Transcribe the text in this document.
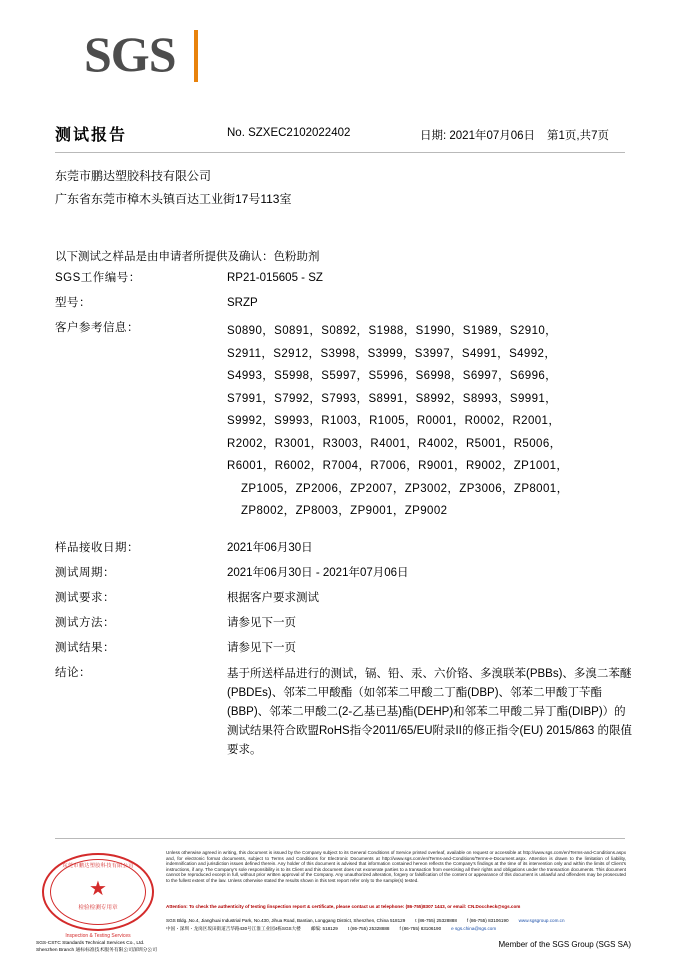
SGS
测试报告	No. SZXEC2102022402	日期: 2021年07月06日 第1页,共7页
东莞市鹏达塑胶科技有限公司
广东省东莞市樟木头镇百达工业街17号113室
以下测试之样品是由申请者所提供及确认：色粉助剂
SGS工作编号：	RP21-015605 - SZ
型号：	SRZP
客户参考信息：	S0890，S0891，S0892，S1988，S1990，S1989，S2910，
S2911，S2912，S3998，S3999，S3997，S4991，S4992，
S4993，S5998，S5997，S5996，S6998，S6997，S6996，
S7991，S7992，S7993，S8991，S8992，S8993，S9991，
S9992，S9993，R1003，R1005，R0001，R0002，R2001，
R2002，R3001，R3003，R4001，R4002，R5001，R5006，
R6001，R6002，R7004，R7006，R9001，R9002，ZP1001，
ZP1005，ZP2006，ZP2007，ZP3002，ZP3006，ZP8001，
ZP8002，ZP8003，ZP9001，ZP9002
样品接收日期：	2021年06月30日
测试周期：	2021年06月30日 - 2021年07月06日
测试要求：	根据客户要求测试
测试方法：	请参见下一页
测试结果：	请参见下一页
结论：	基于所送样品进行的测试，镉、铅、汞、六价铬、多溴联苯(PBBs)、多溴二苯醚(PBDEs)、邻苯二甲酸酯（如邻苯二甲酸二丁酯(DBP)、邻苯二甲酸丁苄酯(BBP)、邻苯二甲酸二(2-乙基已基)酯(DEHP)和邻苯二甲酸二异丁酯(DIBP)）的测试结果符合欧盟RoHS指令2011/65/EU附录II的修正指令(EU) 2015/863 的限值要求。
东莞市鹏达塑胶科技有限公司
★
检验检测专用章
Inspection & Testing Services
Unless otherwise agreed in writing, this document is issued by the Company subject to its General Conditions of Service printed overleaf, available on request or accessible at http://www.sgs.com/en/Terms-and-Conditions.aspx and, for electronic format documents, subject to Terms and Conditions for Electronic Documents at http://www.sgs.com/en/Terms-and-Conditions/Terms-e-Document.aspx. Attention is drawn to the limitation of liability, indemnification and jurisdiction issues defined therein. Any holder of this document is advised that information contained hereon reflects the Company's findings at the time of its intervention only and within the limits of Client's instructions, if any. The Company's sole responsibility is to its Client and this document does not exonerate parties to a transaction from exercising all their rights and obligations under the transaction documents. This document cannot be reproduced except in full, without prior written approval of the Company. Any unauthorized alteration, forgery or falsification of the content or appearance of this document is unlawful and offenders may be prosecuted to the fullest extent of the law. Unless otherwise stated the results shown in this test report refer only to the sample(s) tested.
Attention: To check the authenticity of testing /inspection report & certificate, please contact us at telephone: (86-755)8307 1443, or email: CN.Doccheck@sgs.com
SGS Bldg.,No.4, Jianghuai Industrial Park, No.430, Jihua Road, Bantian, Longgang District, Shenzhen, China 518129 t (86-755) 25328888 f (86-755) 83106190 www.sgsgroup.com.cn
中国・深圳・龙岗区坂田街道吉华路430号江淮工业园4栋SGS大楼 邮编: 518129 t (86-755) 25328888 f (86-755) 83106190 e sgs.china@sgs.com
SGS-CSTC Standards Technical Services Co., Ltd.
Shenzhen Branch 通标标准技术服务有限公司深圳分公司
Member of the SGS Group (SGS SA)
